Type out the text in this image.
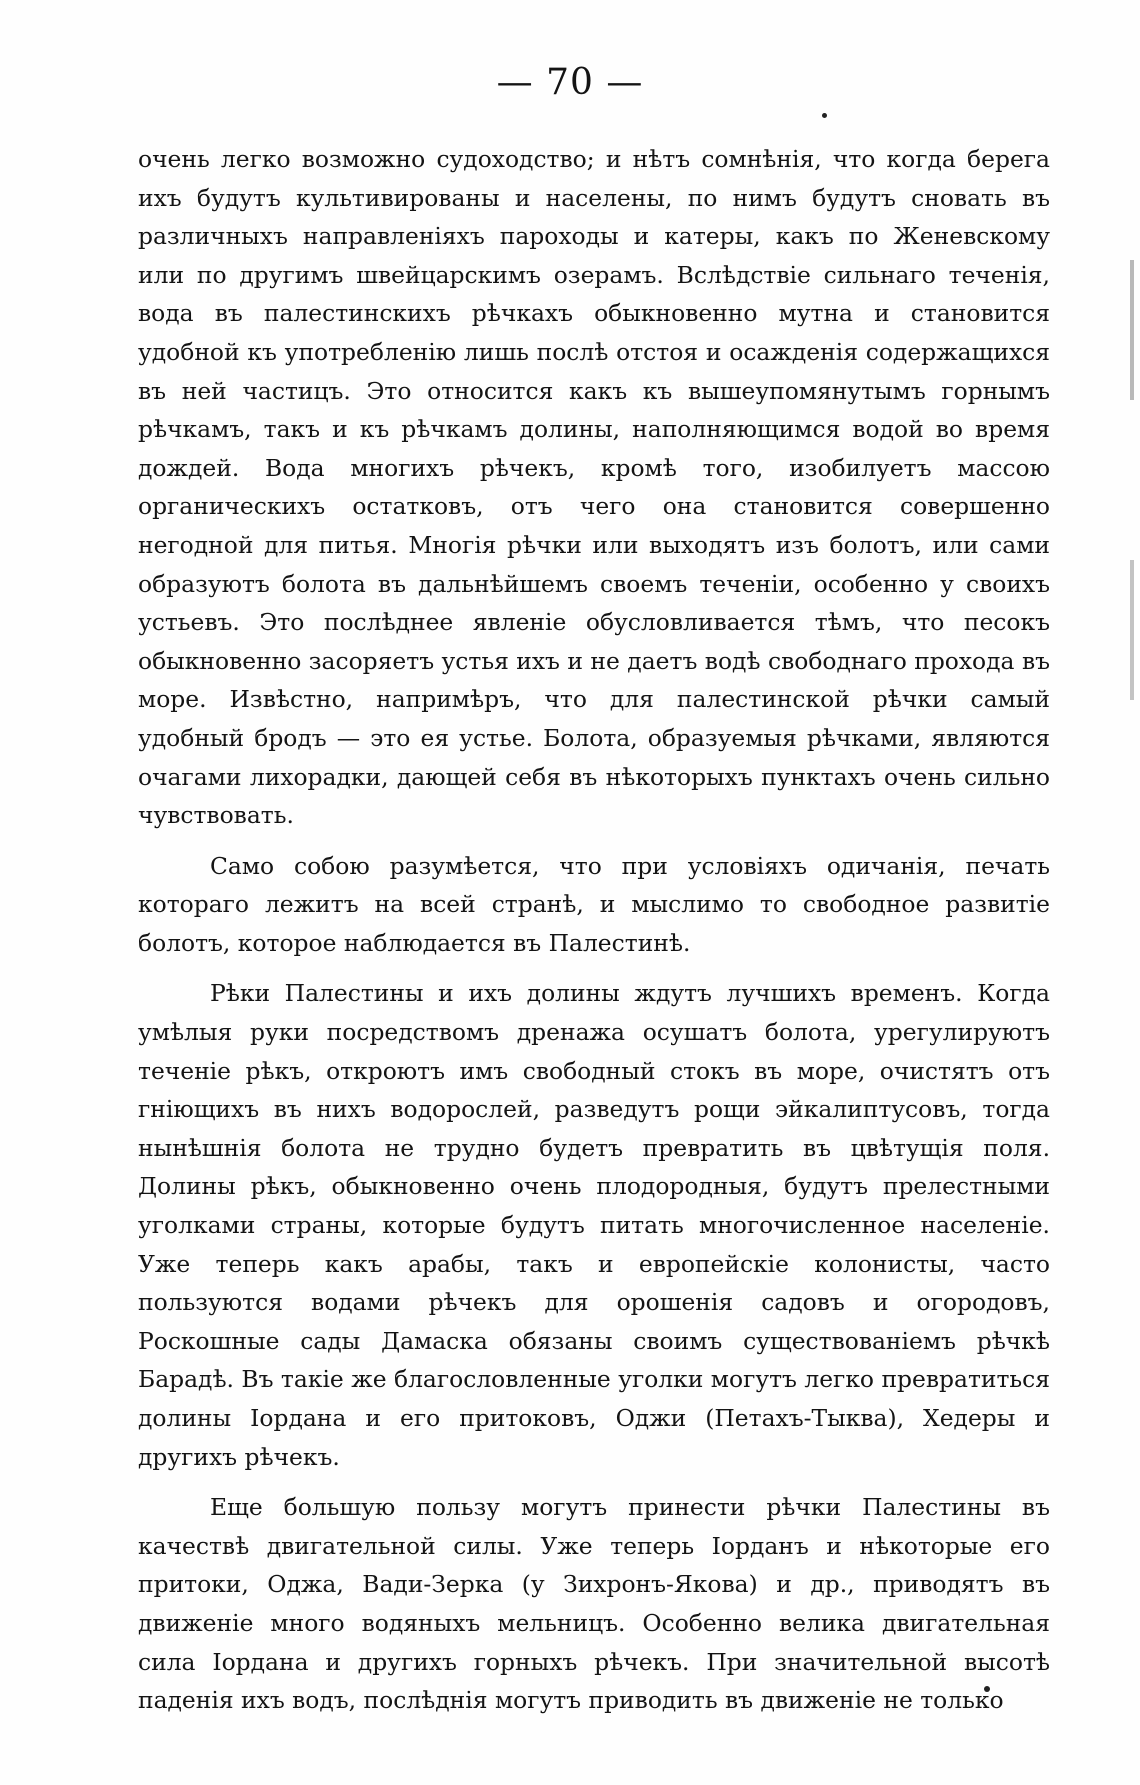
— 70 —

очень легко возможно судоходство; и нѣтъ сомнѣнія, что когда берега ихъ будутъ культивированы и населены, по нимъ будутъ сновать въ различныхъ направленіяхъ пароходы и катеры, какъ по Женевскому или по другимъ швейцарскимъ озерамъ. Вслѣдствіе сильнаго теченія, вода въ палестинскихъ рѣчкахъ обыкновенно мутна и становится удобной къ употребленію лишь послѣ отстоя и осажденія содержащихся въ ней частицъ. Это относится какъ къ вышеупомянутымъ горнымъ рѣчкамъ, такъ и къ рѣчкамъ долины, наполняющимся водой во время дождей. Вода многихъ рѣчекъ, кромѣ того, изобилуетъ массою органическихъ остатковъ, отъ чего она становится совершенно негодной для питья. Многія рѣчки или выходятъ изъ болотъ, или сами образуютъ болота въ дальнѣйшемъ своемъ теченіи, особенно у своихъ устьевъ. Это послѣднее явленіе обусловливается тѣмъ, что песокъ обыкновенно засоряетъ устья ихъ и не даетъ водѣ свободнаго прохода въ море. Извѣстно, напримѣръ, что для палестинской рѣчки самый удобный бродъ — это ея устье. Болота, образуемыя рѣчками, являются очагами лихорадки, дающей себя въ нѣкоторыхъ пунктахъ очень сильно чувствовать.

Само собою разумѣется, что при условіяхъ одичанія, печать котораго лежитъ на всей странѣ, и мыслимо то свободное развитіе болотъ, которое наблюдается въ Палестинѣ.

Рѣки Палестины и ихъ долины ждутъ лучшихъ временъ. Когда умѣлыя руки посредствомъ дренажа осушатъ болота, урегулируютъ теченіе рѣкъ, откроютъ имъ свободный стокъ въ море, очистятъ отъ гніющихъ въ нихъ водорослей, разведутъ рощи эйкалиптусовъ, тогда нынѣшнія болота не трудно будетъ превратить въ цвѣтущія поля. Долины рѣкъ, обыкновенно очень плодородныя, будутъ прелестными уголками страны, которые будутъ питать многочисленное населеніе. Уже теперь какъ арабы, такъ и европейскіе колонисты, часто пользуются водами рѣчекъ для орошенія садовъ и огородовъ, Роскошные сады Дамаска обязаны своимъ существованіемъ рѣчкѣ Барадѣ. Въ такіе же благословленные уголки могутъ легко превратиться долины Іордана и его притоковъ, Оджи (Петахъ-Тыква), Хедеры и другихъ рѣчекъ.

Еще большую пользу могутъ принести рѣчки Палестины въ качествѣ двигательной силы. Уже теперь Іорданъ и нѣкоторые его притоки, Оджа, Вади-Зерка (у Зихронъ-Якова) и др., приводятъ въ движеніе много водяныхъ мельницъ. Особенно велика двигательная сила Іордана и другихъ горныхъ рѣчекъ. При значительной высотѣ паденія ихъ водъ, послѣднія могутъ приводить въ движеніе не только
